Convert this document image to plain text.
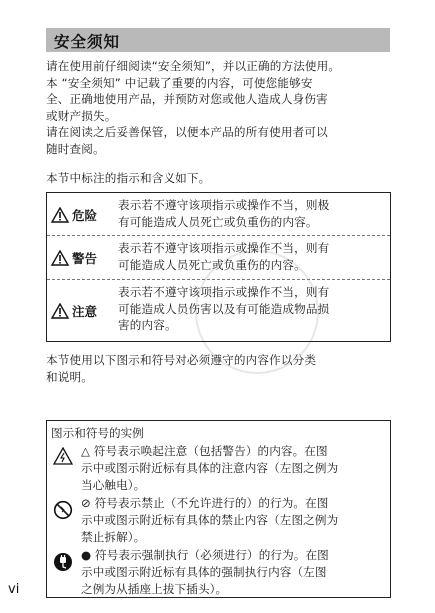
安全须知
请在使用前仔细阅读“安全须知”，并以正确的方法使用。
本 “安全须知” 中记载了重要的内容，可使您能够安
全、正确地使用产品，并预防对您或他人造成人身伤害
或财产损失。
请在阅读之后妥善保管，以便本产品的所有使用者可以
随时查阅。
本节中标注的指示和含义如下。
危险
表示若不遵守该项指示或操作不当，则极
有可能造成人员死亡或负重伤的内容。
警告
表示若不遵守该项指示或操作不当，则有
可能造成人员死亡或负重伤的内容。
注意
表示若不遵守该项指示或操作不当，则有
可能造成人员伤害以及有可能造成物品损
害的内容。
本节使用以下图示和符号对必须遵守的内容作以分类
和说明。
图示和符号的实例
△ 符号表示唤起注意（包括警告）的内容。在图
示中或图示附近标有具体的注意内容（左图之例为
当心触电）。
⊘ 符号表示禁止（不允许进行的）的行为。在图
示中或图示附近标有具体的禁止内容（左图之例为
禁止拆解）。
● 符号表示强制执行（必须进行）的行为。在图
示中或图示附近标有具体的强制执行内容（左图
之例为从插座上拔下插头）。
vi
